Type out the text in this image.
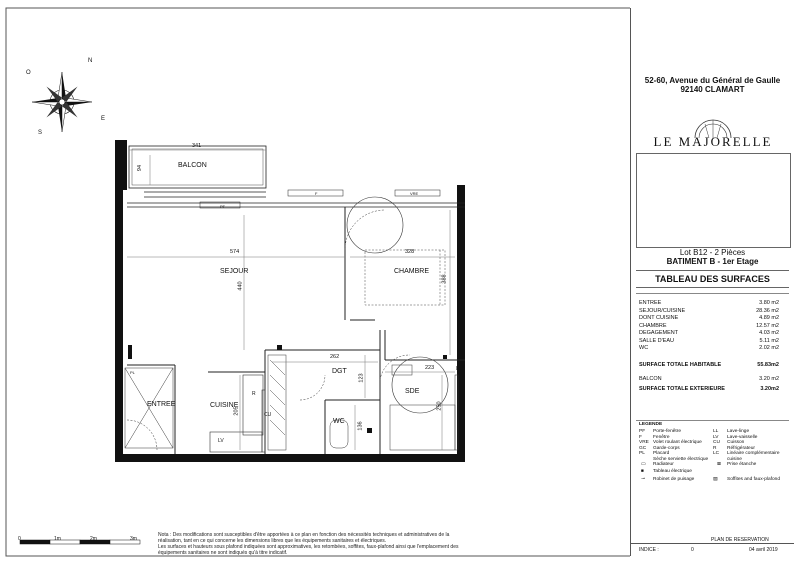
N
E
S
O
BALCON
SEJOUR	CHAMBRE
ENTREE	CUISINE
DGT
WC
SDE
341
94
574
440
328
388
262
223
123
205
250
136
R
CU
LV
LL
PF
F	VRE
PL
0	1m	2m	3m
Nota : Des modifications sont susceptibles d'être apportées à ce plan en fonction des nécessités techniques et administratives de la
réalisation, tant en ce qui concerne les dimensions libres que les équipements sanitaires et électriques.
Les surfaces et hauteurs sous plafond indiquées sont approximatives, les retombées, soffites, faux-plafond ainsi que l'emplacement des
équipements sanitaires ne sont indiqués qu'à titre indicatif.
52-60, Avenue du Général de Gaulle
92140 CLAMART
LE MAJORELLE
Lot B12 - 2 Pièces
BATIMENT B - 1er Etage
TABLEAU DES SURFACES
ENTREE	3.80 m2
SEJOUR/CUISINE	28.36 m2
DONT CUISINE	4.89 m2
CHAMBRE	12.57 m2
DEGAGEMENT	4.03 m2
SALLE D'EAU	5.11 m2
WC	2.02 m2
SURFACE TOTALE HABITABLE	55.83m2
BALCON	3.20 m2
SURFACE TOTALE EXTERIEURE	3.20m2
LEGENDE
PF Porte-fenêtre
F Fenêtre
VRE Volet roulant électrique
GC Garde-corps
PL Placard
LL Lave-linge
LV Lave-vaisselle
CU Cuisson
R Réfrigérateur
LC Linéaire complémentaire
cuisine
Sèche serviette électrique
▭ Radiateur	⊠ Prise étanche
■ Tableau électrique
⊸ Robinet de puisage	▨ Soffites and faux-plafond
INDICE :	0
PLAN DE RESERVATION
04 avril 2019
